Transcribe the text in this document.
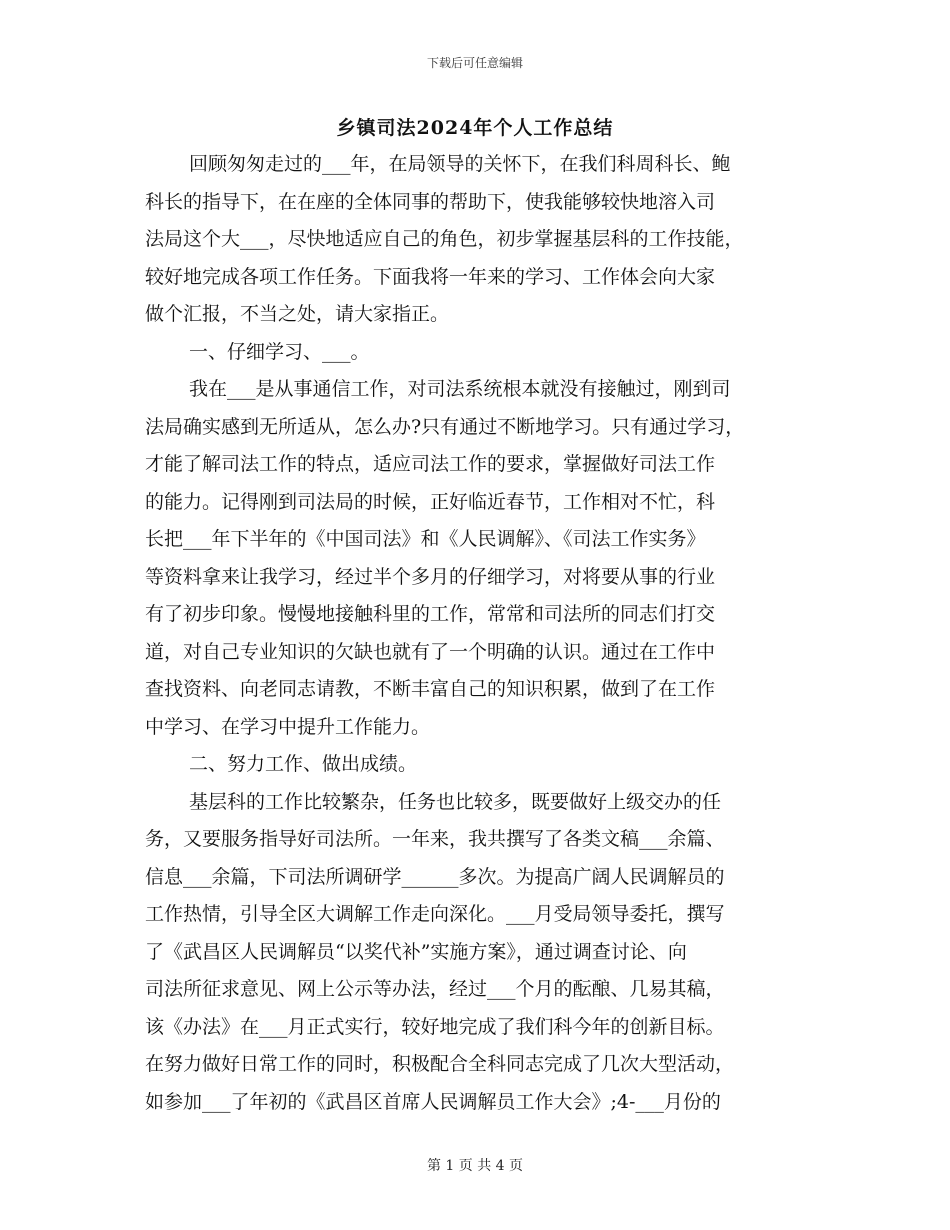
下载后可任意编辑
乡镇司法2024年个人工作总结
回顾匆匆走过的___年，在局领导的关怀下，在我们科周科长、鲍
科长的指导下，在在座的全体同事的帮助下，使我能够较快地溶入司
法局这个大___，尽快地适应自己的角色，初步掌握基层科的工作技能，
较好地完成各项工作任务。下面我将一年来的学习、工作体会向大家
做个汇报，不当之处，请大家指正。
一、仔细学习、___。
我在___是从事通信工作，对司法系统根本就没有接触过，刚到司
法局确实感到无所适从，怎么办?只有通过不断地学习。只有通过学习，
才能了解司法工作的特点，适应司法工作的要求，掌握做好司法工作
的能力。记得刚到司法局的时候，正好临近春节，工作相对不忙，科
长把___年下半年的《中国司法》和《人民调解》、《司法工作实务》
等资料拿来让我学习，经过半个多月的仔细学习，对将要从事的行业
有了初步印象。慢慢地接触科里的工作，常常和司法所的同志们打交
道，对自己专业知识的欠缺也就有了一个明确的认识。通过在工作中
查找资料、向老同志请教，不断丰富自己的知识积累，做到了在工作
中学习、在学习中提升工作能力。
二、努力工作、做出成绩。
基层科的工作比较繁杂，任务也比较多，既要做好上级交办的任
务，又要服务指导好司法所。一年来，我共撰写了各类文稿___余篇、
信息___余篇，下司法所调研学______多次。为提高广阔人民调解员的
工作热情，引导全区大调解工作走向深化。___月受局领导委托，撰写
了《武昌区人民调解员“以奖代补”实施方案》，通过调查讨论、向
司法所征求意见、网上公示等办法，经过___个月的酝酿、几易其稿，
该《办法》在___月正式实行，较好地完成了我们科今年的创新目标。
在努力做好日常工作的同时，积极配合全科同志完成了几次大型活动，
如参加___了年初的《武昌区首席人民调解员工作大会》;4-___月份的
第 1 页 共 4 页
